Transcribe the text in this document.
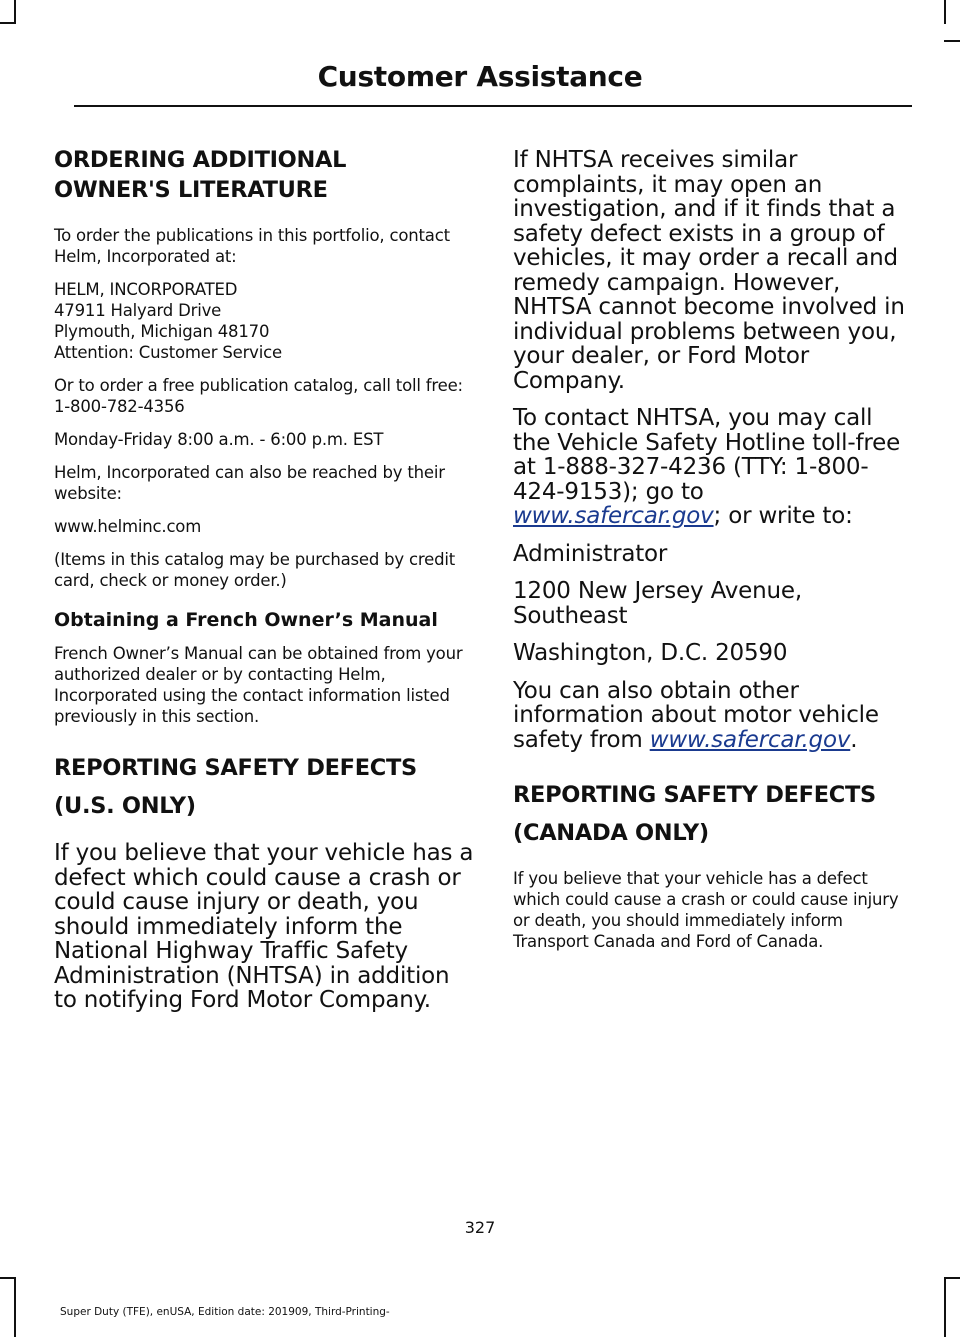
Customer Assistance
ORDERING ADDITIONAL
OWNER'S LITERATURE
To order the publications in this portfolio, contact Helm, Incorporated at:
HELM, INCORPORATED
47911 Halyard Drive
Plymouth, Michigan 48170
Attention: Customer Service
Or to order a free publication catalog, call toll free: 1-800-782-4356
Monday-Friday 8:00 a.m. - 6:00 p.m. EST
Helm, Incorporated can also be reached by their website:
www.helminc.com
(Items in this catalog may be purchased by credit card, check or money order.)
Obtaining a French Owner’s Manual
French Owner’s Manual can be obtained from your authorized dealer or by contacting Helm, Incorporated using the contact information listed previously in this section.
REPORTING SAFETY DEFECTS
(U.S. ONLY)
If you believe that your vehicle has a defect which could cause a crash or could cause injury or death, you should immediately inform the National Highway Traffic Safety Administration (NHTSA) in addition to notifying Ford Motor Company.
If NHTSA receives similar complaints, it may open an investigation, and if it finds that a safety defect exists in a group of vehicles, it may order a recall and remedy campaign. However, NHTSA cannot become involved in individual problems between you, your dealer, or Ford Motor Company.
To contact NHTSA, you may call the Vehicle Safety Hotline toll-free at 1-888-327-4236 (TTY: 1-800-424-9153); go to www.safercar.gov; or write to:
Administrator
1200 New Jersey Avenue, Southeast
Washington, D.C. 20590
You can also obtain other information about motor vehicle safety from www.safercar.gov.
REPORTING SAFETY DEFECTS
(CANADA ONLY)
If you believe that your vehicle has a defect which could cause a crash or could cause injury or death, you should immediately inform Transport Canada and Ford of Canada.
327
Super Duty (TFE), enUSA, Edition date: 201909, Third-Printing-
